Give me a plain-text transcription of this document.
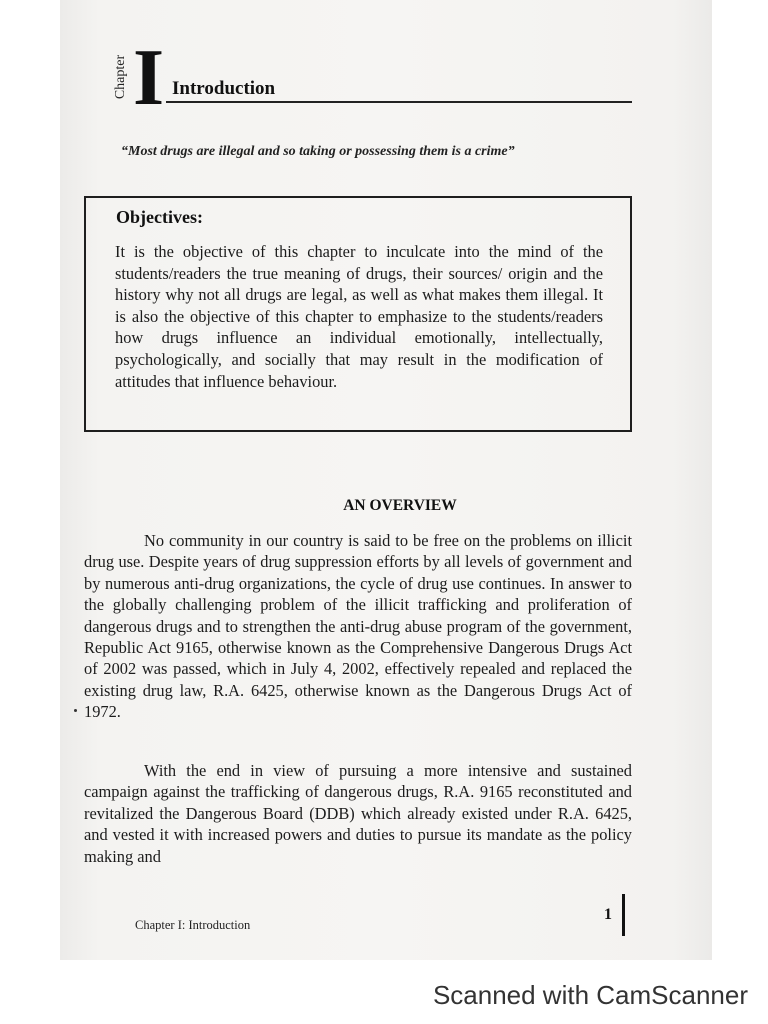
Chapter I Introduction
“Most drugs are illegal and so taking or possessing them is a crime”
Objectives:
It is the objective of this chapter to inculcate into the mind of the students/readers the true meaning of drugs, their sources/ origin and the history why not all drugs are legal, as well as what makes them illegal. It is also the objective of this chapter to emphasize to the students/readers how drugs influence an individual emotionally, intellectually, psychologically, and socially that may result in the modification of attitudes that influence behaviour.
AN OVERVIEW
No community in our country is said to be free on the problems on illicit drug use. Despite years of drug suppression efforts by all levels of government and by numerous anti-drug organizations, the cycle of drug use continues. In answer to the globally challenging problem of the illicit trafficking and proliferation of dangerous drugs and to strengthen the anti-drug abuse program of the government, Republic Act 9165, otherwise known as the Comprehensive Dangerous Drugs Act of 2002 was passed, which in July 4, 2002, effectively repealed and replaced the existing drug law, R.A. 6425, otherwise known as the Dangerous Drugs Act of 1972.
With the end in view of pursuing a more intensive and sustained campaign against the trafficking of dangerous drugs, R.A. 9165 reconstituted and revitalized the Dangerous Board (DDB) which already existed under R.A. 6425, and vested it with increased powers and duties to pursue its mandate as the policy making and
Chapter I: Introduction
1
Scanned with CamScanner
